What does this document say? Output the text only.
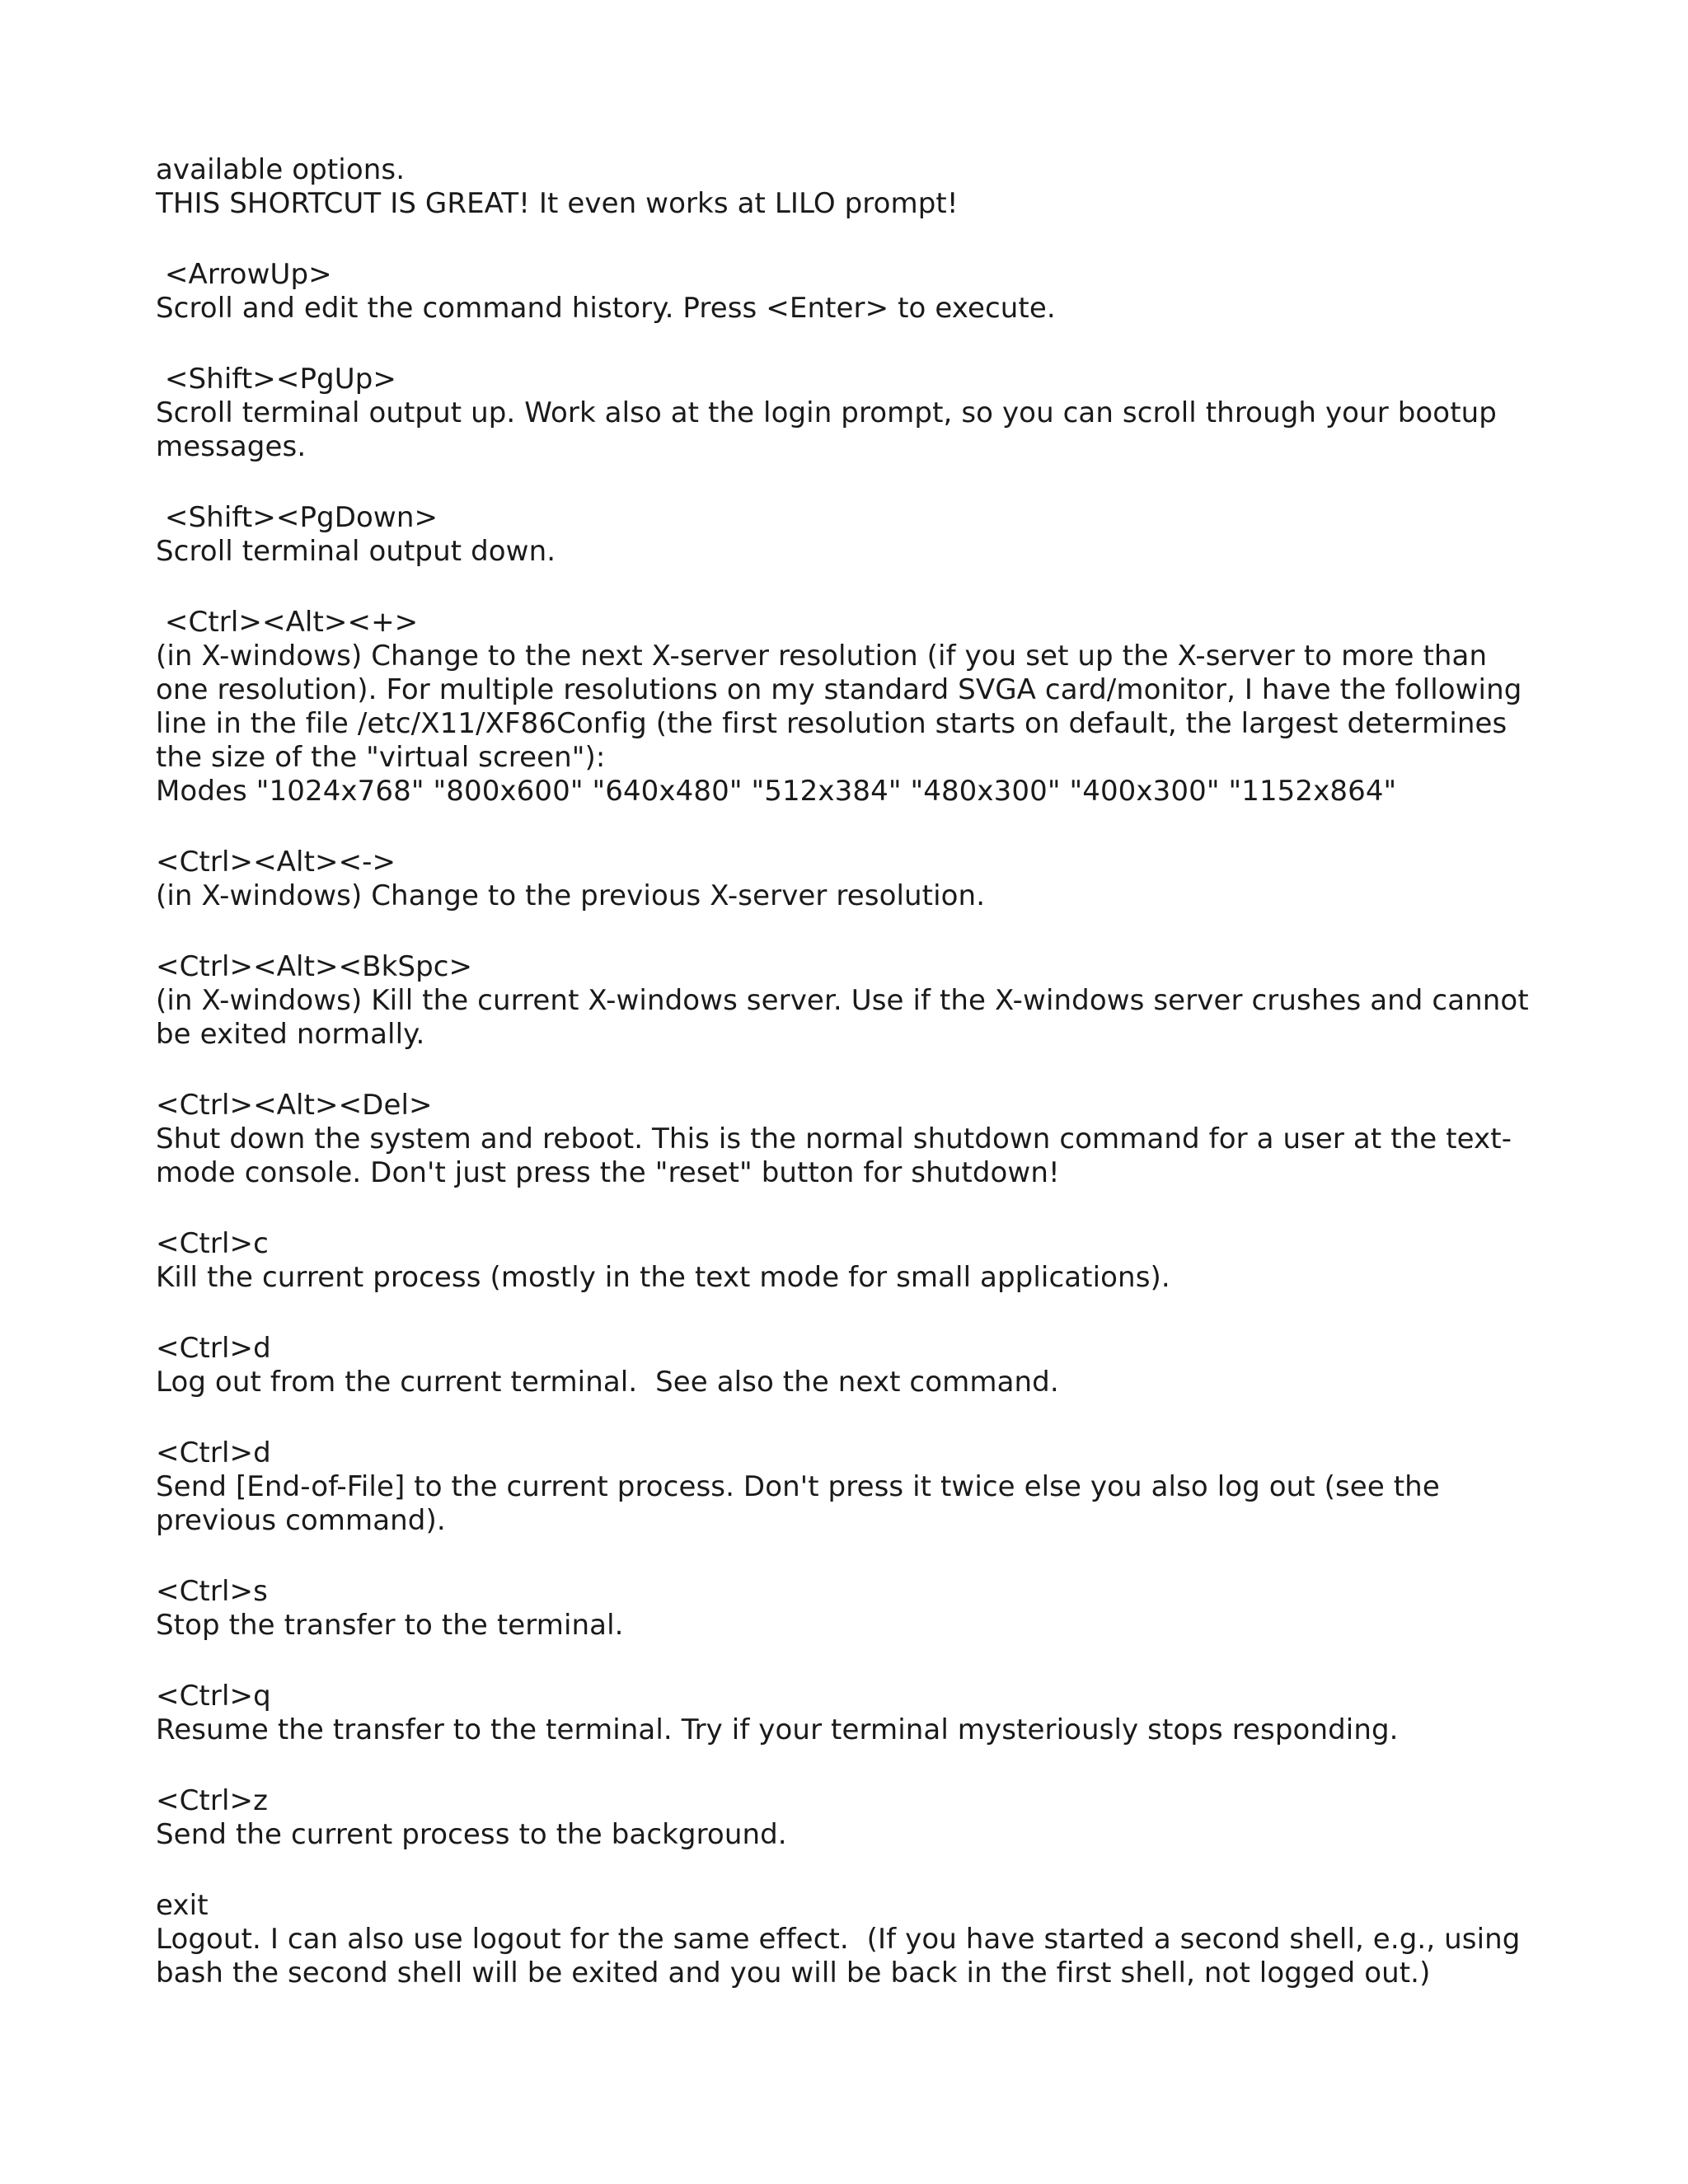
available options.
THIS SHORTCUT IS GREAT! It even works at LILO prompt!
<ArrowUp>
Scroll and edit the command history. Press <Enter> to execute.
<Shift><PgUp>
Scroll terminal output up. Work also at the login prompt, so you can scroll through your bootup
messages.
<Shift><PgDown>
Scroll terminal output down.
<Ctrl><Alt><+>
(in X-windows) Change to the next X-server resolution (if you set up the X-server to more than
one resolution). For multiple resolutions on my standard SVGA card/monitor, I have the following
line in the file /etc/X11/XF86Config (the first resolution starts on default, the largest determines
the size of the "virtual screen"):
Modes "1024x768" "800x600" "640x480" "512x384" "480x300" "400x300" "1152x864"
<Ctrl><Alt><->
(in X-windows) Change to the previous X-server resolution.
<Ctrl><Alt><BkSpc>
(in X-windows) Kill the current X-windows server. Use if the X-windows server crushes and cannot
be exited normally.
<Ctrl><Alt><Del>
Shut down the system and reboot. This is the normal shutdown command for a user at the text-
mode console. Don't just press the "reset" button for shutdown!
<Ctrl>c
Kill the current process (mostly in the text mode for small applications).
<Ctrl>d
Log out from the current terminal.  See also the next command.
<Ctrl>d
Send [End-of-File] to the current process. Don't press it twice else you also log out (see the
previous command).
<Ctrl>s
Stop the transfer to the terminal.
<Ctrl>q
Resume the transfer to the terminal. Try if your terminal mysteriously stops responding.
<Ctrl>z
Send the current process to the background.
exit
Logout. I can also use logout for the same effect.  (If you have started a second shell, e.g., using
bash the second shell will be exited and you will be back in the first shell, not logged out.)
